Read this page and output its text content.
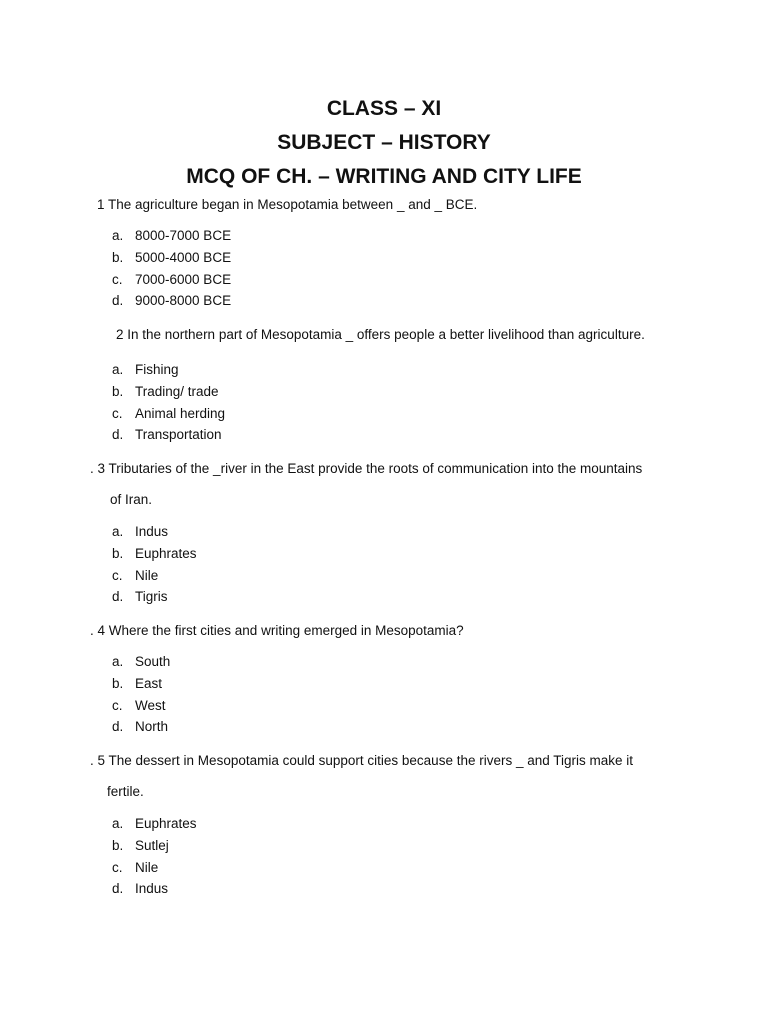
CLASS – XI
SUBJECT – HISTORY
MCQ OF CH. – WRITING AND CITY LIFE
1 The agriculture began in Mesopotamia between _ and _ BCE.
a. 8000-7000 BCE
b. 5000-4000 BCE
c. 7000-6000 BCE
d. 9000-8000 BCE
2 In the northern part of Mesopotamia _ offers people a better livelihood than agriculture.
a. Fishing
b. Trading/ trade
c. Animal herding
d. Transportation
. 3 Tributaries of the _river in the East provide the roots of communication into the mountains
of Iran.
a. Indus
b. Euphrates
c. Nile
d. Tigris
. 4 Where the first cities and writing emerged in Mesopotamia?
a. South
b. East
c. West
d. North
. 5 The dessert in Mesopotamia could support cities because the rivers _ and Tigris make it
fertile.
a. Euphrates
b. Sutlej
c. Nile
d. Indus
